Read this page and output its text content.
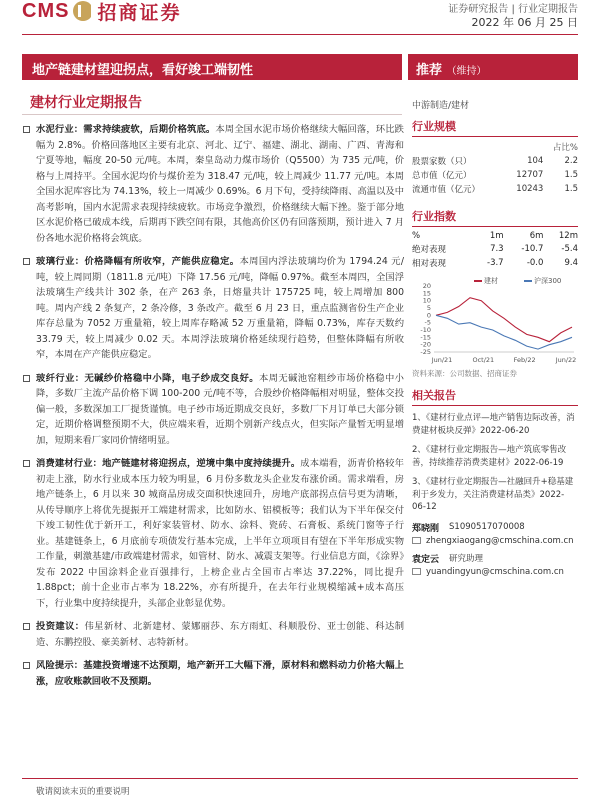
CMS 招商证券	证券研究报告 | 行业定期报告
2022 年 06 月 25 日
地产链建材望迎拐点，看好竣工端韧性	推荐 （维持）
建材行业定期报告	中游制造/建材
水泥行业：需求持续疲软，后期价格筑底。本周全国水泥市场价格继续大幅回落，环比跌幅为 2.8%。价格回落地区主要有北京、河北、辽宁、福建、湖北、湖南、广西、青海和宁夏等地，幅度 20-50 元/吨。本周，秦皇岛动力煤市场价（Q5500）为 735 元/吨，价格与上周持平。全国水泥均价与煤价差为 318.47 元/吨，较上周减少 11.77 元/吨。本周全国水泥库容比为 74.13%，较上一周减少 0.69%。6 月下旬，受持续降雨、高温以及中高考影响，国内水泥需求表现持续疲软。市场竞争激烈，价格继续大幅下挫。鉴于部分地区水泥价格已破成本线，后期再下跌空间有限，其他高价区仍有回落预期，预计进入 7 月份各地水泥价格将会筑底。
玻璃行业：价格降幅有所收窄，产能供应稳定。本周国内浮法玻璃均价为 1794.24 元/吨，较上周同期（1811.8 元/吨）下降 17.56 元/吨，降幅 0.97%。截至本周四，全国浮法玻璃生产线共计 302 条，在产 263 条，日熔量共计 175725 吨，较上周增加 800 吨。周内产线 2 条复产，2 条冷修，3 条改产。截至 6 月 23 日，重点监测省份生产企业库存总量为 7052 万重量箱，较上周库存略减 52 万重量箱，降幅 0.73%，库存天数约 33.79 天，较上周减少 0.02 天。本周浮法玻璃价格延续现行趋势，但整体降幅有所收窄，本周在产产能供应稳定。
玻纤行业：无碱纱价格稳中小降，电子纱成交良好。本周无碱池窑粗纱市场价格稳中小降，多数厂主流产品价格下调 100-200 元/吨不等，合股纱价格降幅相对明显，整体交投偏一般，多数深加工厂提货谨慎。电子纱市场近期成交良好，多数厂下月订单已大部分锁定，近期价格调整预期不大，供应端来看，近期个别新产线点火，但实际产量暂无明显增加，短期来看厂家同价情绪明显。
消费建材行业：地产链建材将迎拐点，逆境中集中度持续提升。成本端看，沥青价格较年初走上涨，防水行业成本压力较为明显，6 月份多数龙头企业发布涨价函。需求端看，房地产链条上，6 月以来 30 城商品房成交面积快速回升，房地产底部拐点信号更为清晰，从传导顺序上将优先提振开工端建材需求，比如防水、铝模板等；我们认为下半年保交付下竣工韧性优于新开工，利好家装管材、防水、涂料、瓷砖、石膏板、系统门窗等子行业。基建链条上，6 月底前专项债发行基本完成，上半年立项项目有望在下半年形成实物工作量，刺激基建/市政端建材需求，如管材、防水、减震支架等。行业信息方面，《涂界》发布 2022 中国涂料企业百强排行，上榜企业占全国市占率达 37.22%，同比提升 1.88pct；前十企业市占率为 18.22%，亦有所提升，在去年行业规模缩减+成本高压下，行业集中度持续提升，头部企业彰显优势。
投资建议：伟星新材、北新建材、蒙娜丽莎、东方雨虹、科顺股份、亚士创能、科达制造、东鹏控股、豪美新材、志特新材。
风险提示：基建投资增速不达预期，地产新开工大幅下滑，原材料和燃料动力价格大幅上涨，应收账款回收不及预期。
行业规模
		占比%
股票家数（只）	104	2.2
总市值（亿元）	12707	1.5
流通市值（亿元）	10243	1.5
行业指数
%	1m	6m	12m
绝对表现	7.3	-10.7	-5.4
相对表现	-3.7	-0.0	9.4
建材	沪深300
20
15
10
5
0
-5
-10
-15
-20
-25
Jun/21	Oct/21	Feb/22	Jun/22
资料来源：公司数据、招商证券
相关报告
1、《建材行业点评—地产销售边际改善，消费建材板块反弹》2022-06-20
2、《建材行业定期报告—地产筑底零售改善，持续推荐消费类建材》2022-06-19
3、《建材行业定期报告—社融回升+稳基建利于乡发力，关注消费建材品类》2022-06-12
郑晓刚 S1090517070008
zhengxiaogang@cmschina.com.cn
袁定云 研究助理
yuandingyun@cmschina.com.cn
敬请阅读末页的重要说明
